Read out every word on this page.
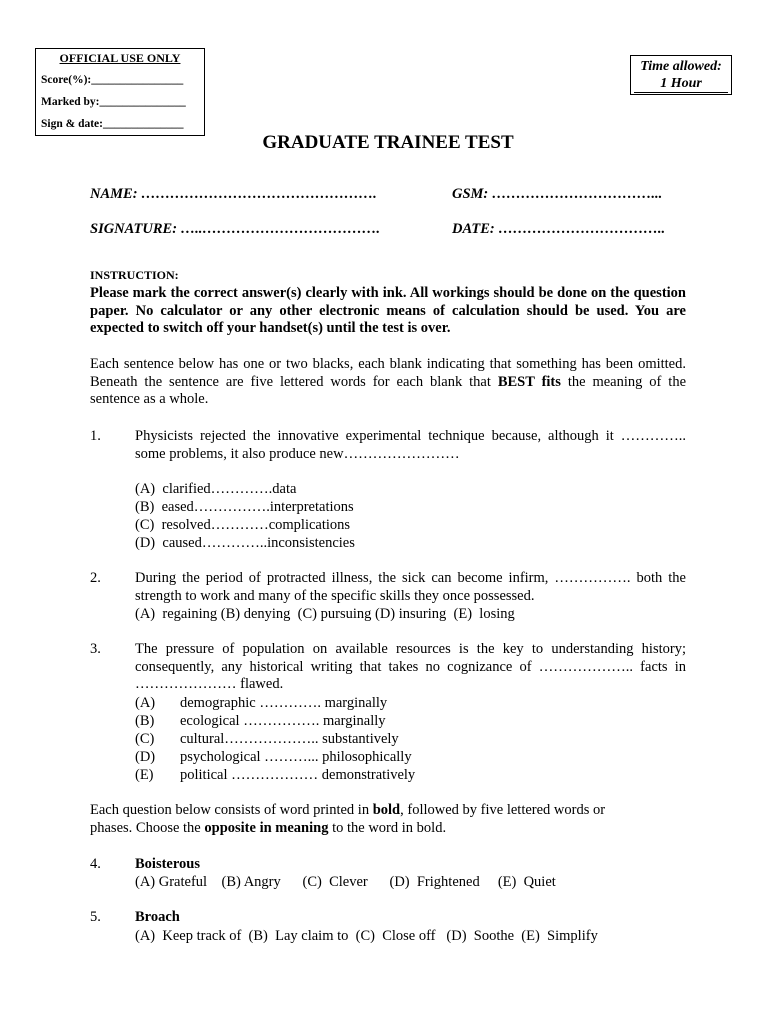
OFFICIAL USE ONLY
Score(%):________________
Marked by:_______________
Sign & date:______________
Time allowed:
1 Hour
GRADUATE TRAINEE TEST
NAME: ………………………………………….	GSM: ……………………………...
SIGNATURE: …..……………………………….	DATE: ……………………………..
INSTRUCTION:
Please mark the correct answer(s) clearly with ink. All workings should be done on the question paper. No calculator or any other electronic means of calculation should be used. You are expected to switch off your handset(s) until the test is over.
Each sentence below has one or two blacks, each blank indicating that something has been omitted. Beneath the sentence are five lettered words for each blank that BEST fits the meaning of the sentence as a whole.
1. Physicists rejected the innovative experimental technique because, although it ………….. some problems, it also produce new……………………
(A)  clarified………….data
(B)  eased…………….interpretations
(C)  resolved…………complications
(D)  caused…………..inconsistencies
2. During the period of protracted illness, the sick can become infirm, ……………. both the strength to work and many of the specific skills they once possessed.
(A)  regaining (B) denying  (C) pursuing (D) insuring  (E)  losing
3. The pressure of population on available resources is the key to understanding history; consequently, any historical writing that takes no cognizance of ……………….. facts in ………………… flawed.
(A) demographic …………. marginally
(B) ecological ……………. marginally
(C) cultural……………….. substantively
(D) psychological ………... philosophically
(E) political ……………… demonstratively
Each question below consists of word printed in bold, followed by five lettered words or phases. Choose the opposite in meaning to the word in bold.
4. Boisterous
(A) Grateful    (B) Angry      (C)  Clever      (D)  Frightened     (E)  Quiet
5. Broach
(A)  Keep track of  (B)  Lay claim to  (C)  Close off   (D)  Soothe  (E)  Simplify
